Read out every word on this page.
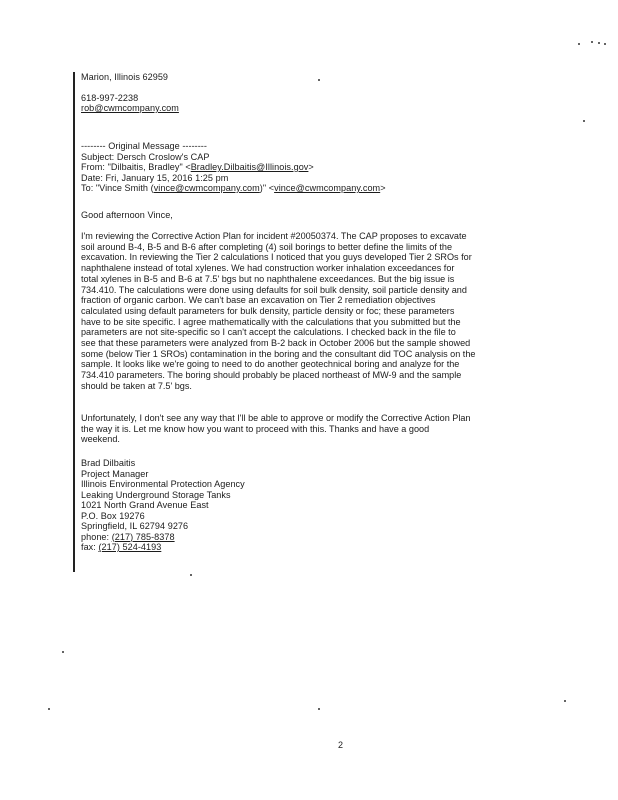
Marion, Illinois 62959
618-997-2238
rob@cwmcompany.com
-------- Original Message --------
Subject: Dersch Croslow's CAP
From: "Dilbaitis, Bradley" <Bradley.Dilbaitis@Illinois.gov>
Date: Fri, January 15, 2016 1:25 pm
To: "Vince Smith (vince@cwmcompany.com)" <vince@cwmcompany.com>
Good afternoon Vince,
I'm reviewing the Corrective Action Plan for incident #20050374. The CAP proposes to excavate
soil around B-4, B-5 and B-6 after completing (4) soil borings to better define the limits of the
excavation. In reviewing the Tier 2 calculations I noticed that you guys developed Tier 2 SROs for
naphthalene instead of total xylenes. We had construction worker inhalation exceedances for
total xylenes in B-5 and B-6 at 7.5' bgs but no naphthalene exceedances. But the big issue is
734.410. The calculations were done using defaults for soil bulk density, soil particle density and
fraction of organic carbon. We can't base an excavation on Tier 2 remediation objectives
calculated using default parameters for bulk density, particle density or foc; these parameters
have to be site specific. I agree mathematically with the calculations that you submitted but the
parameters are not site-specific so I can't accept the calculations. I checked back in the file to
see that these parameters were analyzed from B-2 back in October 2006 but the sample showed
some (below Tier 1 SROs) contamination in the boring and the consultant did TOC analysis on the
sample. It looks like we're going to need to do another geotechnical boring and analyze for the
734.410 parameters. The boring should probably be placed northeast of MW-9 and the sample
should be taken at 7.5' bgs.
Unfortunately, I don't see any way that I'll be able to approve or modify the Corrective Action Plan
the way it is. Let me know how you want to proceed with this. Thanks and have a good
weekend.
Brad Dilbaitis
Project Manager
Illinois Environmental Protection Agency
Leaking Underground Storage Tanks
1021 North Grand Avenue East
P.O. Box 19276
Springfield, IL 62794 9276
phone: (217) 785-8378
fax: (217) 524-4193
2
